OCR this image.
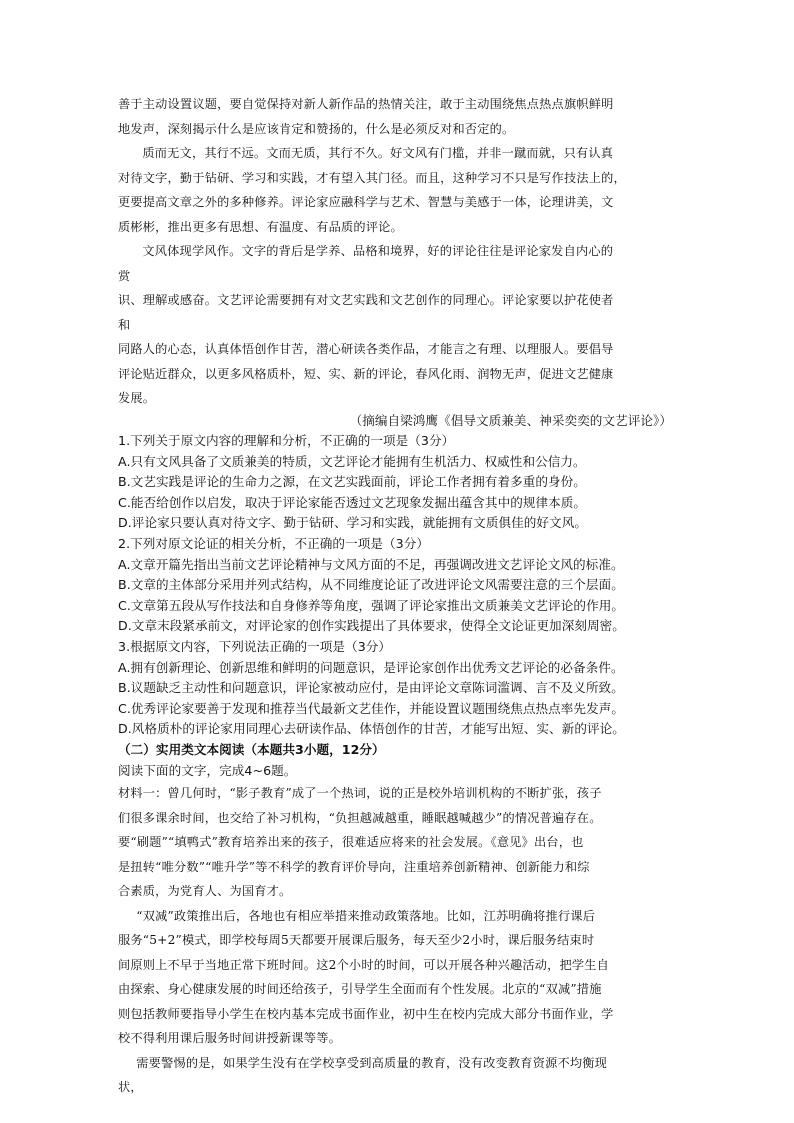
善于主动设置议题，要自觉保持对新人新作品的热情关注，敢于主动围绕焦点热点旗帜鲜明
地发声，深刻揭示什么是应该肯定和赞扬的，什么是必须反对和否定的。

质而无文，其行不远。文而无质，其行不久。好文风有门槛，并非一蹴而就，只有认真
对待文字，勤于钻研、学习和实践，才有望入其门径。而且，这种学习不只是写作技法上的，
更要提高文章之外的多种修养。评论家应融科学与艺术、智慧与美感于一体，论理讲美，文
质彬彬，推出更多有思想、有温度、有品质的评论。

文风体现学风作。文字的背后是学养、品格和境界，好的评论往往是评论家发自内心的
赏
识、理解或感奋。文艺评论需要拥有对文艺实践和文艺创作的同理心。评论家要以护花使者
和
同路人的心态，认真体悟创作甘苦，潜心研读各类作品，才能言之有理、以理服人。要倡导
评论贴近群众，以更多风格质朴，短、实、新的评论，春风化雨、润物无声，促进文艺健康
发展。

（摘编自梁鸿鹰《倡导文质兼美、神采奕奕的文艺评论》）

1.下列关于原文内容的理解和分析，不正确的一项是（3分）

A.只有文风具备了文质兼美的特质，文艺评论才能拥有生机活力、权威性和公信力。

B.文艺实践是评论的生命力之源，在文艺实践面前，评论工作者拥有着多重的身份。

C.能否给创作以启发，取决于评论家能否透过文艺现象发掘出蕴含其中的规律本质。

D.评论家只要认真对待文字、勤于钻研、学习和实践，就能拥有文质俱佳的好文风。

2.下列对原文论证的相关分析，不正确的一项是（3分）

A.文章开篇先指出当前文艺评论精神与文风方面的不足，再强调改进文艺评论文风的标准。

B.文章的主体部分采用并列式结构，从不同维度论证了改进评论文风需要注意的三个层面。

C.文章第五段从写作技法和自身修养等角度，强调了评论家推出文质兼美文艺评论的作用。

D.文章末段紧承前文，对评论家的创作实践提出了具体要求，使得全文论证更加深刻周密。

3.根据原文内容，下列说法正确的一项是（3分）

A.拥有创新理论、创新思维和鲜明的问题意识，是评论家创作出优秀文艺评论的必备条件。

B.议题缺乏主动性和问题意识，评论家被动应付，是由评论文章陈词滥调、言不及义所致。

C.优秀评论家要善于发现和推荐当代最新文艺佳作，并能设置议题围绕焦点热点率先发声。

D.风格质朴的评论家用同理心去研读作品、体悟创作的甘苦，才能写出短、实、新的评论。

（二）实用类文本阅读（本题共3小题，12分）

阅读下面的文字，完成4~6题。

材料一：曾几何时，“影子教育”成了一个热词，说的正是校外培训机构的不断扩张，孩子
们很多课余时间，也交给了补习机构，“负担越减越重，睡眠越喊越少”的情况普遍存在。
要“刷题”“填鸭式”教育培养出来的孩子，很难适应将来的社会发展。《意见》出台，也
是扭转“唯分数”“唯升学”等不科学的教育评价导向，注重培养创新精神、创新能力和综
合素质，为党育人、为国育才。

“双减”政策推出后，各地也有相应举措来推动政策落地。比如，江苏明确将推行课后
服务“5+2”模式，即学校每周5天都要开展课后服务，每天至少2小时，课后服务结束时
间原则上不早于当地正常下班时间。这2个小时的时间，可以开展各种兴趣活动，把学生自
由探索、身心健康发展的时间还给孩子，引导学生全面而有个性发展。北京的“双减”措施
则包括教师要指导小学生在校内基本完成书面作业，初中生在校内完成大部分书面作业，学
校不得利用课后服务时间讲授新课等等。

需要警惕的是，如果学生没有在学校享受到高质量的教育，没有改变教育资源不均衡现
状，
